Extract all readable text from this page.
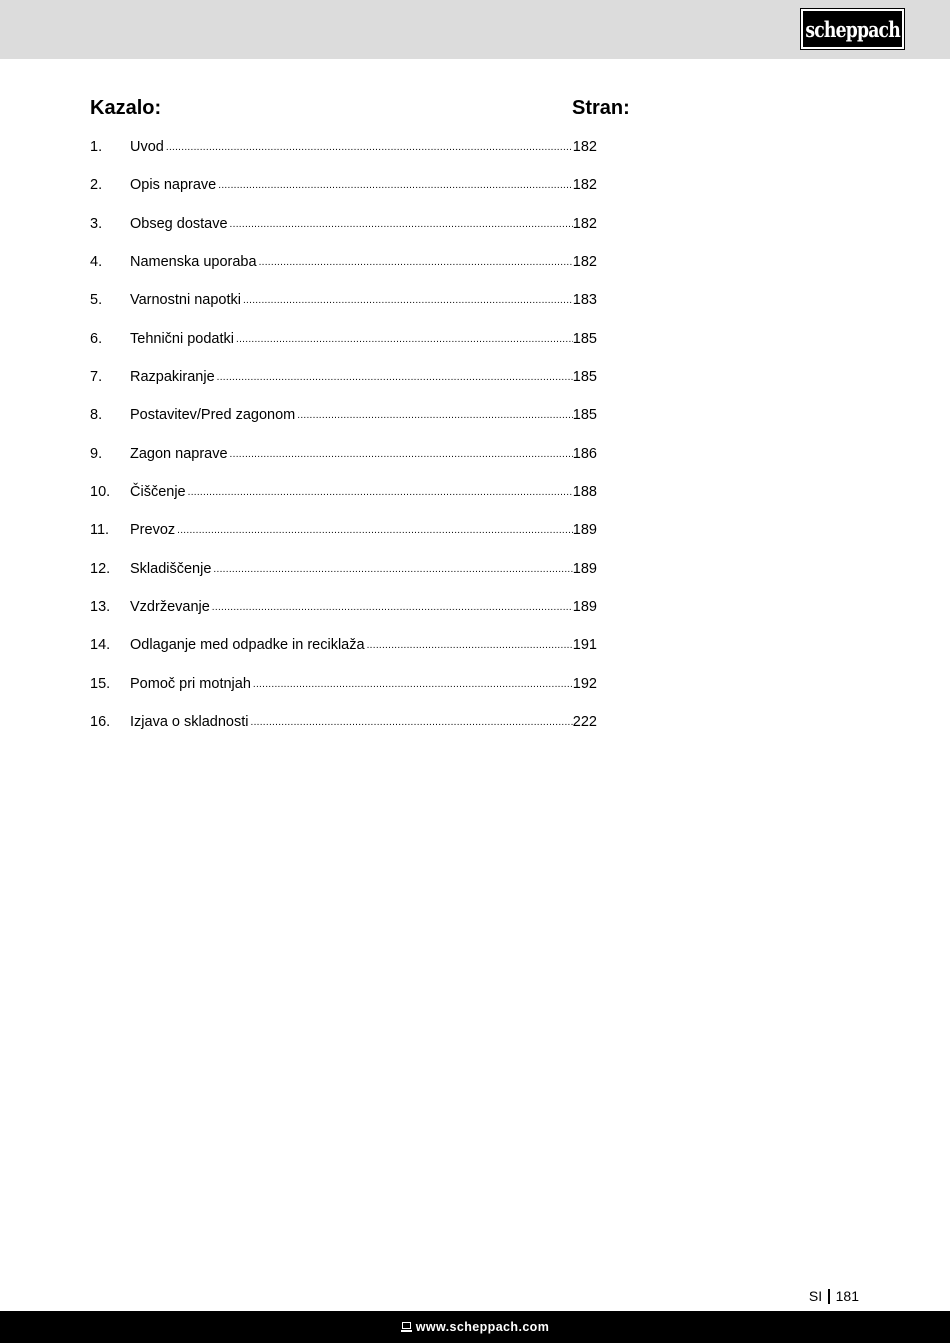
scheppach
Kazalo:	Stran:
1.	Uvod .....	182
2.	Opis naprave .....	182
3.	Obseg dostave .....	182
4.	Namenska uporaba .....	182
5.	Varnostni napotki .....	183
6.	Tehnični podatki .....	185
7.	Razpakiranje .....	185
8.	Postavitev/Pred zagonom .....	185
9.	Zagon naprave .....	186
10.	Čiščenje .....	188
11.	Prevoz .....	189
12.	Skladiščenje .....	189
13.	Vzdrževanje .....	189
14.	Odlaganje med odpadke in reciklaža .....	191
15.	Pomoč pri motnjah .....	192
16.	Izjava o skladnosti .....	222
SI 181
www.scheppach.com
